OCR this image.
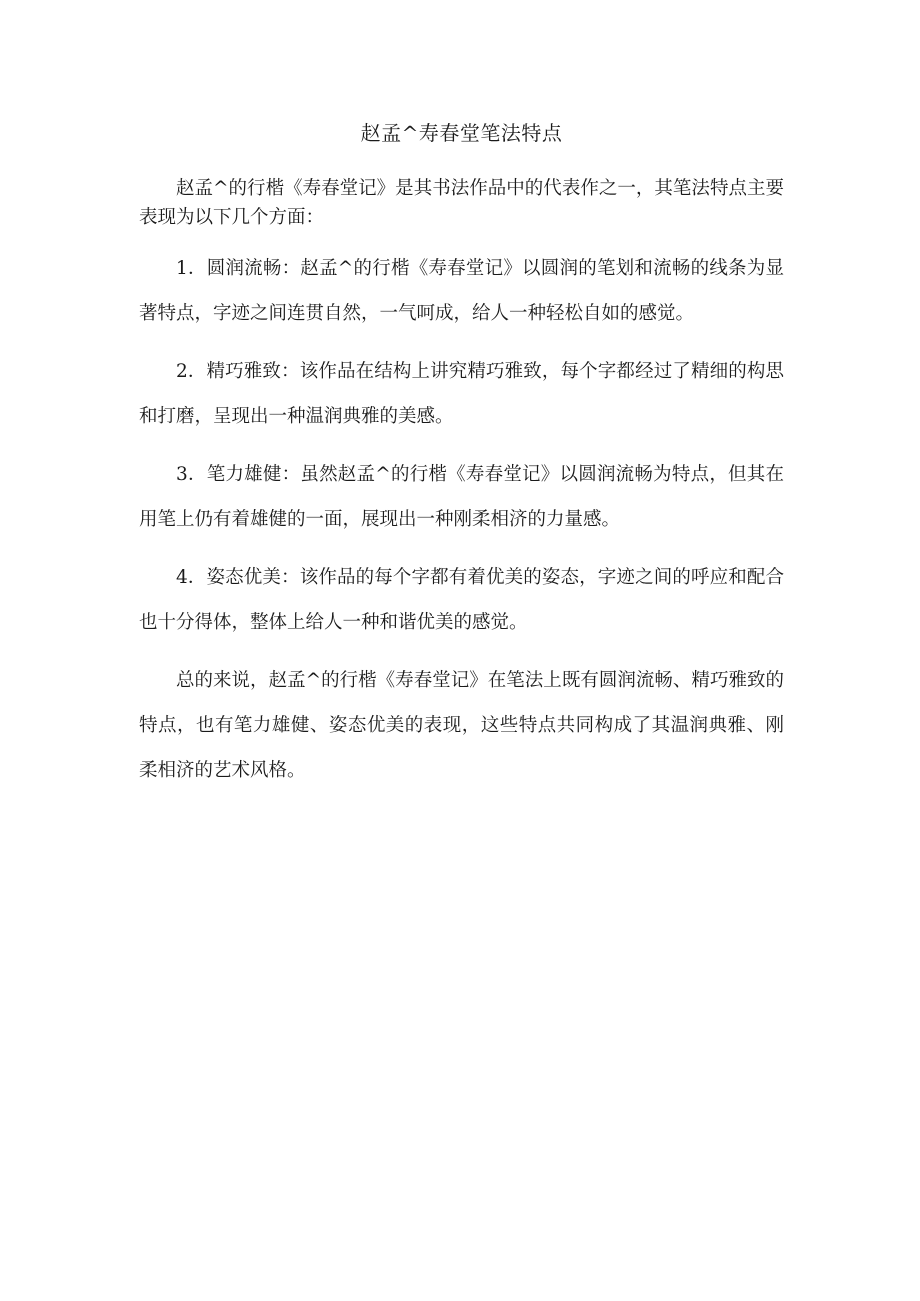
赵孟^寿春堂笔法特点

赵孟^的行楷《寿春堂记》是其书法作品中的代表作之一，其笔法特点主要表现为以下几个方面：

1．圆润流畅：赵孟^的行楷《寿春堂记》以圆润的笔划和流畅的线条为显著特点，字迹之间连贯自然，一气呵成，给人一种轻松自如的感觉。

2．精巧雅致：该作品在结构上讲究精巧雅致，每个字都经过了精细的构思和打磨，呈现出一种温润典雅的美感。

3．笔力雄健：虽然赵孟^的行楷《寿春堂记》以圆润流畅为特点，但其在用笔上仍有着雄健的一面，展现出一种刚柔相济的力量感。

4．姿态优美：该作品的每个字都有着优美的姿态，字迹之间的呼应和配合也十分得体，整体上给人一种和谐优美的感觉。

总的来说，赵孟^的行楷《寿春堂记》在笔法上既有圆润流畅、精巧雅致的特点，也有笔力雄健、姿态优美的表现，这些特点共同构成了其温润典雅、刚柔相济的艺术风格。
